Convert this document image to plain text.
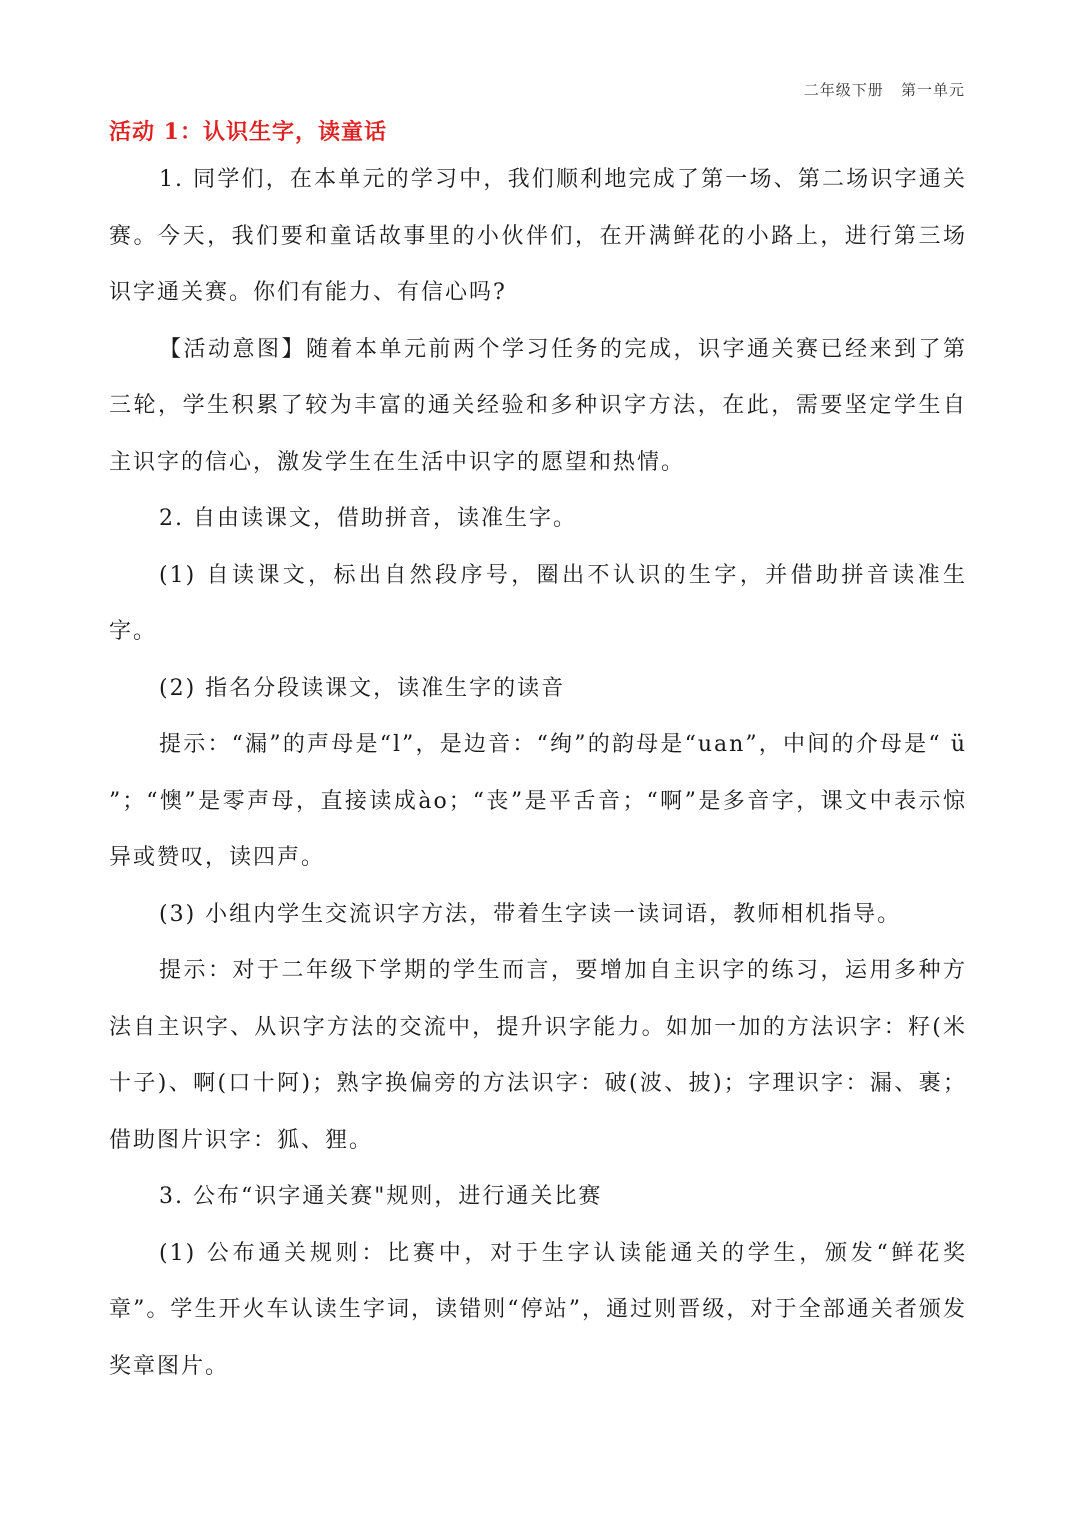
二年级下册   第一单元
活动 1：认识生字，读童话

1. 同学们，在本单元的学习中，我们顺利地完成了第一场、第二场识字通关赛。今天，我们要和童话故事里的小伙伴们，在开满鲜花的小路上，进行第三场识字通关赛。你们有能力、有信心吗?

【活动意图】随着本单元前两个学习任务的完成，识字通关赛已经来到了第三轮，学生积累了较为丰富的通关经验和多种识字方法，在此，需要坚定学生自主识字的信心，激发学生在生活中识字的愿望和热情。

2. 自由读课文，借助拼音，读准生字。

(1) 自读课文，标出自然段序号，圈出不认识的生字，并借助拼音读准生字。

(2) 指名分段读课文，读准生字的读音

提示：“漏”的声母是“l”，是边音：“绚”的韵母是“uan”，中间的介母是“ ü ”；“懊”是零声母，直接读成ào；“丧”是平舌音；“啊”是多音字，课文中表示惊异或赞叹，读四声。

(3) 小组内学生交流识字方法，带着生字读一读词语，教师相机指导。

提示：对于二年级下学期的学生而言，要增加自主识字的练习，运用多种方法自主识字、从识字方法的交流中，提升识字能力。如加一加的方法识字：籽(米十子)、啊(口十阿)；熟字换偏旁的方法识字：破(波、披)；字理识字：漏、裹；借助图片识字：狐、狸。

3. 公布“识字通关赛"规则，进行通关比赛

(1) 公布通关规则：比赛中，对于生字认读能通关的学生，颁发“鲜花奖章”。学生开火车认读生字词，读错则“停站”，通过则晋级，对于全部通关者颁发奖章图片。
